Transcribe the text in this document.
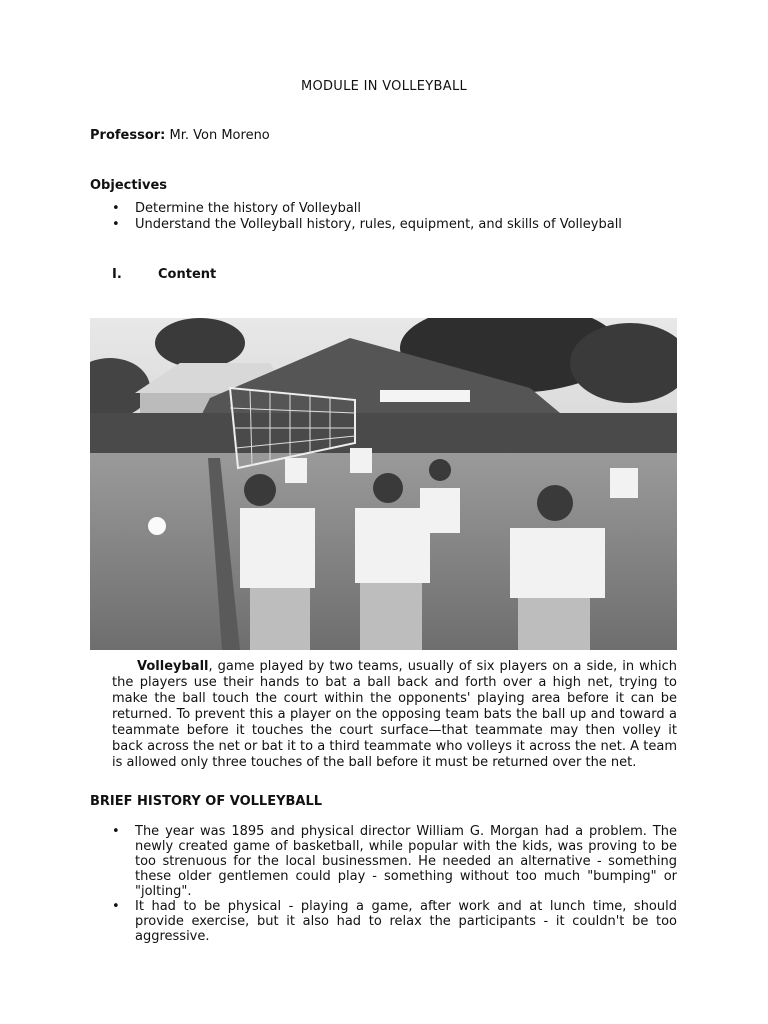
MODULE IN VOLLEYBALL
Professor: Mr. Von Moreno
Objectives
• Determine the history of Volleyball
• Understand the Volleyball history, rules, equipment, and skills of Volleyball
I.	Content
Volleyball, game played by two teams, usually of six players on a side, in which the players use their hands to bat a ball back and forth over a high net, trying to make the ball touch the court within the opponents' playing area before it can be returned. To prevent this a player on the opposing team bats the ball up and toward a teammate before it touches the court surface—that teammate may then volley it back across the net or bat it to a third teammate who volleys it across the net. A team is allowed only three touches of the ball before it must be returned over the net.
BRIEF HISTORY OF VOLLEYBALL
• The year was 1895 and physical director William G. Morgan had a problem. The newly created game of basketball, while popular with the kids, was proving to be too strenuous for the local businessmen. He needed an alternative - something these older gentlemen could play - something without too much "bumping" or "jolting".
• It had to be physical - playing a game, after work and at lunch time, should provide exercise, but it also had to relax the participants - it couldn't be too aggressive.
